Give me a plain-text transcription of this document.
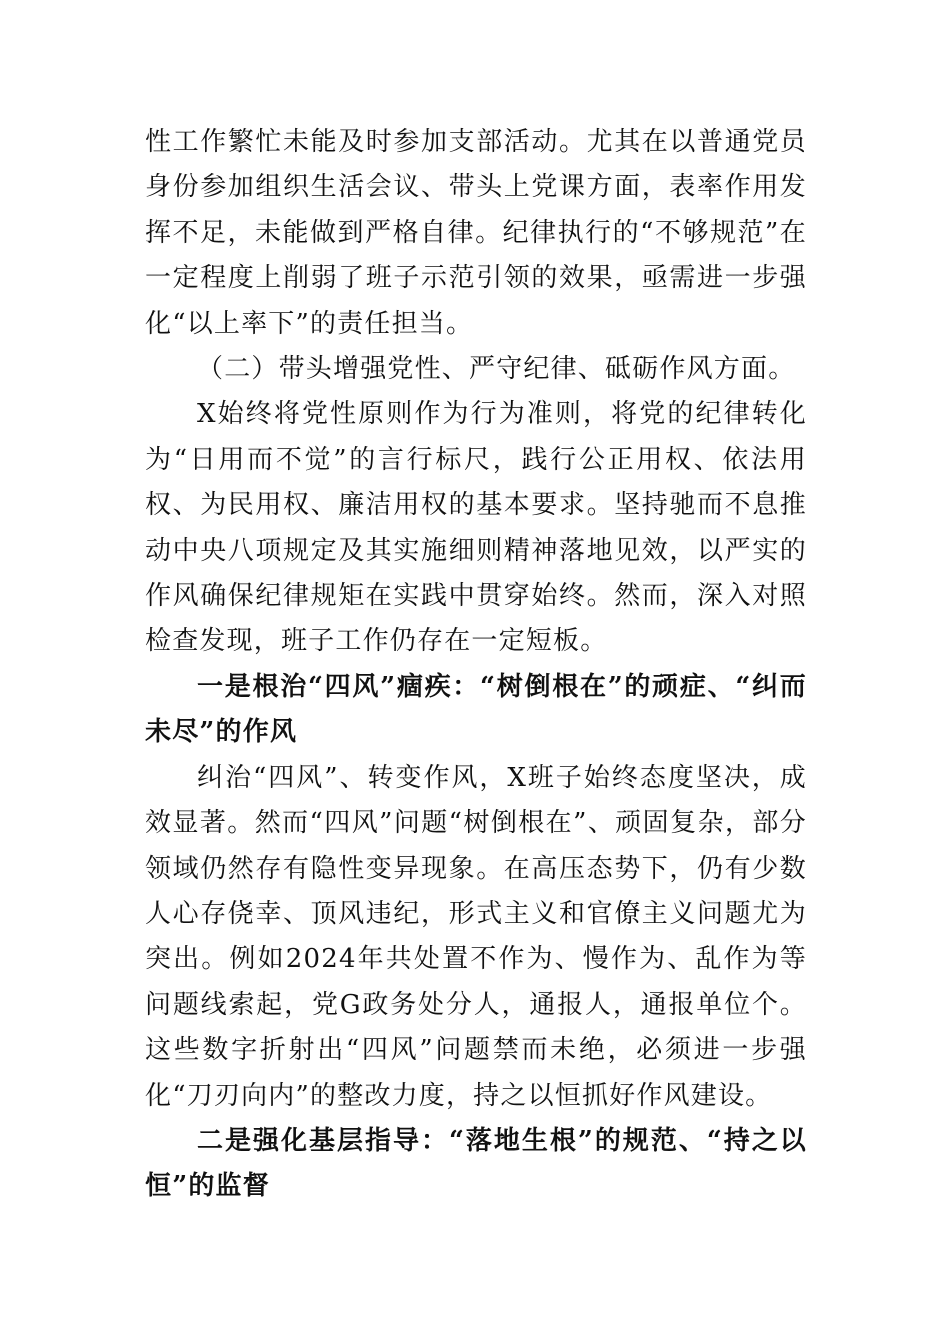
性工作繁忙未能及时参加支部活动。尤其在以普通党员身份参加组织生活会议、带头上党课方面，表率作用发挥不足，未能做到严格自律。纪律执行的“不够规范”在一定程度上削弱了班子示范引领的效果，亟需进一步强化“以上率下”的责任担当。

（二）带头增强党性、严守纪律、砥砺作风方面。

X始终将党性原则作为行为准则，将党的纪律转化为“日用而不觉”的言行标尺，践行公正用权、依法用权、为民用权、廉洁用权的基本要求。坚持驰而不息推动中央八项规定及其实施细则精神落地见效，以严实的作风确保纪律规矩在实践中贯穿始终。然而，深入对照检查发现，班子工作仍存在一定短板。

一是根治“四风”痼疾：“树倒根在”的顽症、“纠而未尽”的作风

纠治“四风”、转变作风，X班子始终态度坚决，成效显著。然而“四风”问题“树倒根在”、顽固复杂，部分领域仍然存有隐性变异现象。在高压态势下，仍有少数人心存侥幸、顶风违纪，形式主义和官僚主义问题尤为突出。例如2024年共处置不作为、慢作为、乱作为等问题线索起，党G政务处分人，通报人，通报单位个。这些数字折射出“四风”问题禁而未绝，必须进一步强化“刀刃向内”的整改力度，持之以恒抓好作风建设。

二是强化基层指导：“落地生根”的规范、“持之以恒”的监督
